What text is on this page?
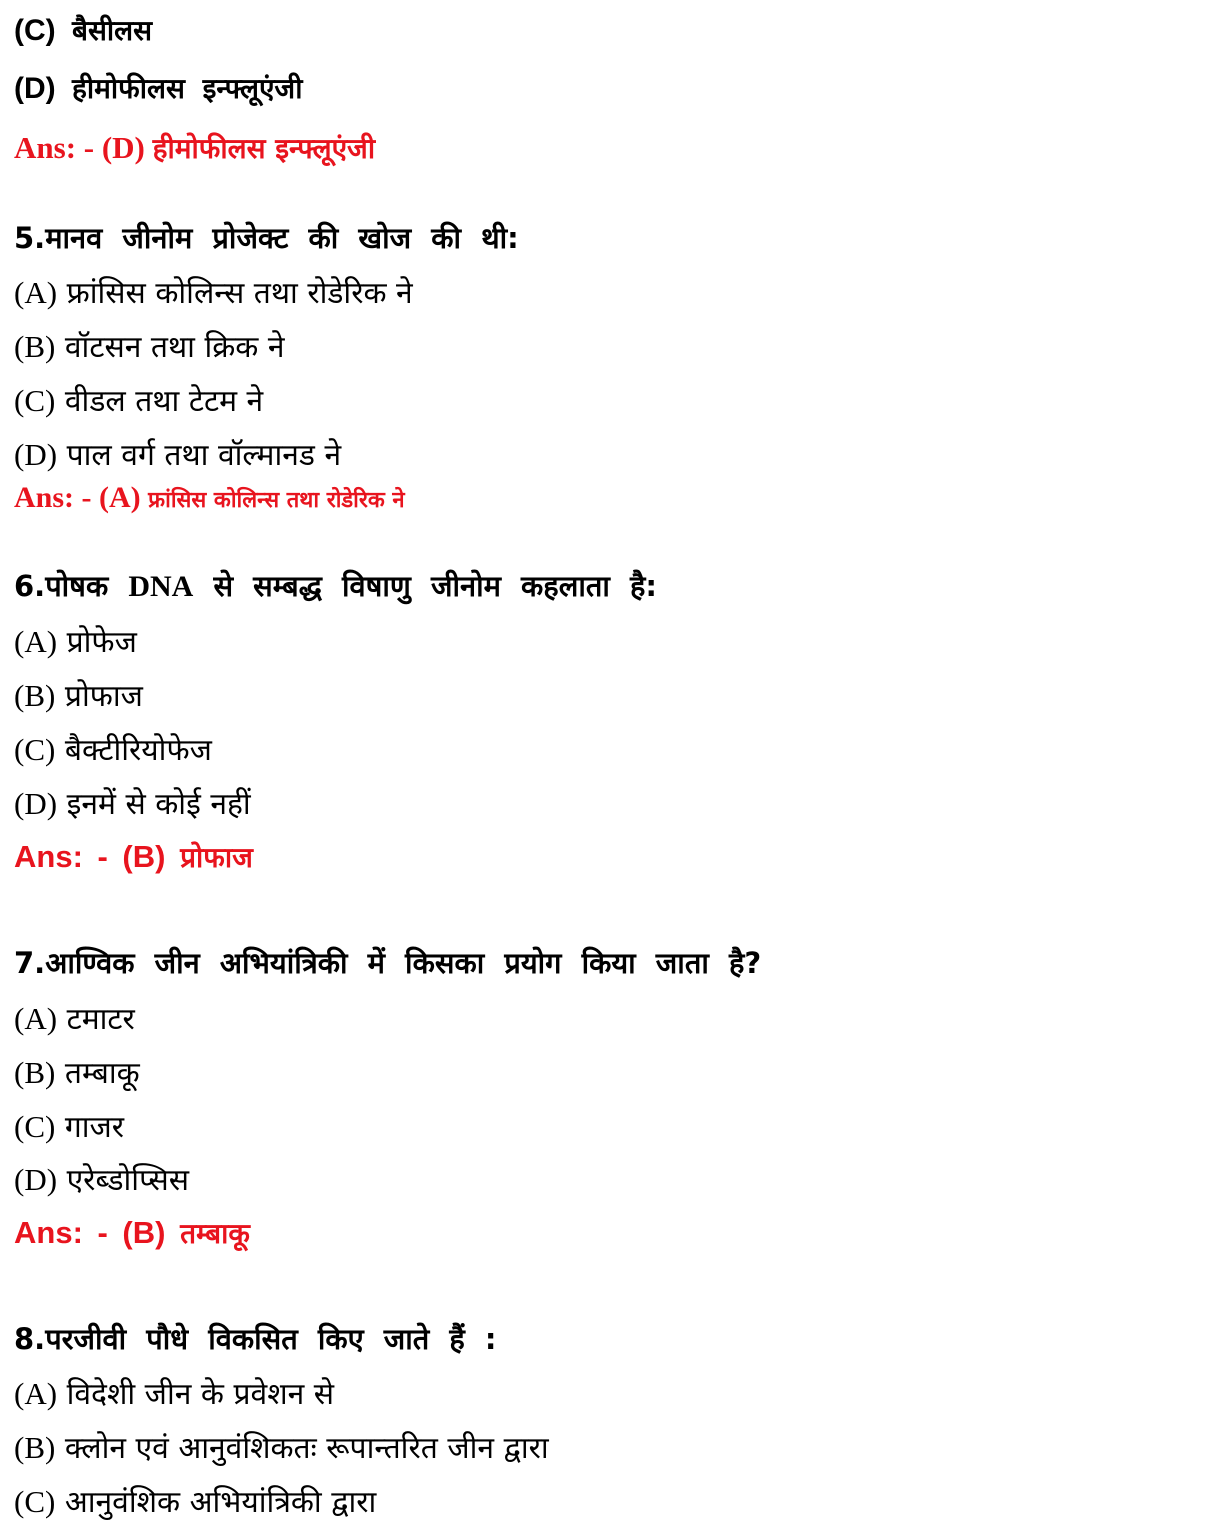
(C) बैसीलस
(D) हीमोफीलस इन्फ्लूएंजी
Ans: - (D) हीमोफीलस इन्फ्लूएंजी
5.मानव जीनोम प्रोजेक्ट की खोज की थी:
(A) फ्रांसिस कोलिन्स तथा रोडेरिक ने
(B) वॉटसन तथा क्रिक ने
(C) वीडल तथा टेटम ने
(D) पाल वर्ग तथा वॉल्मानड ने
Ans: - (A) फ्रांसिस कोलिन्स तथा रोडेरिक ने
6.पोषक DNA से सम्बद्ध विषाणु जीनोम कहलाता है:
(A) प्रोफेज
(B) प्रोफाज
(C) बैक्टीरियोफेज
(D) इनमें से कोई नहीं
Ans: - (B) प्रोफाज
7.आण्विक जीन अभियांत्रिकी में किसका प्रयोग किया जाता है?
(A) टमाटर
(B) तम्बाकू
(C) गाजर
(D) एरेब्डोप्सिस
Ans: - (B) तम्बाकू
8.परजीवी पौधे विकसित किए जाते हैं :
(A) विदेशी जीन के प्रवेशन से
(B) क्लोन एवं आनुवंशिकतः रूपान्तरित जीन द्वारा
(C) आनुवंशिक अभियांत्रिकी द्वारा
